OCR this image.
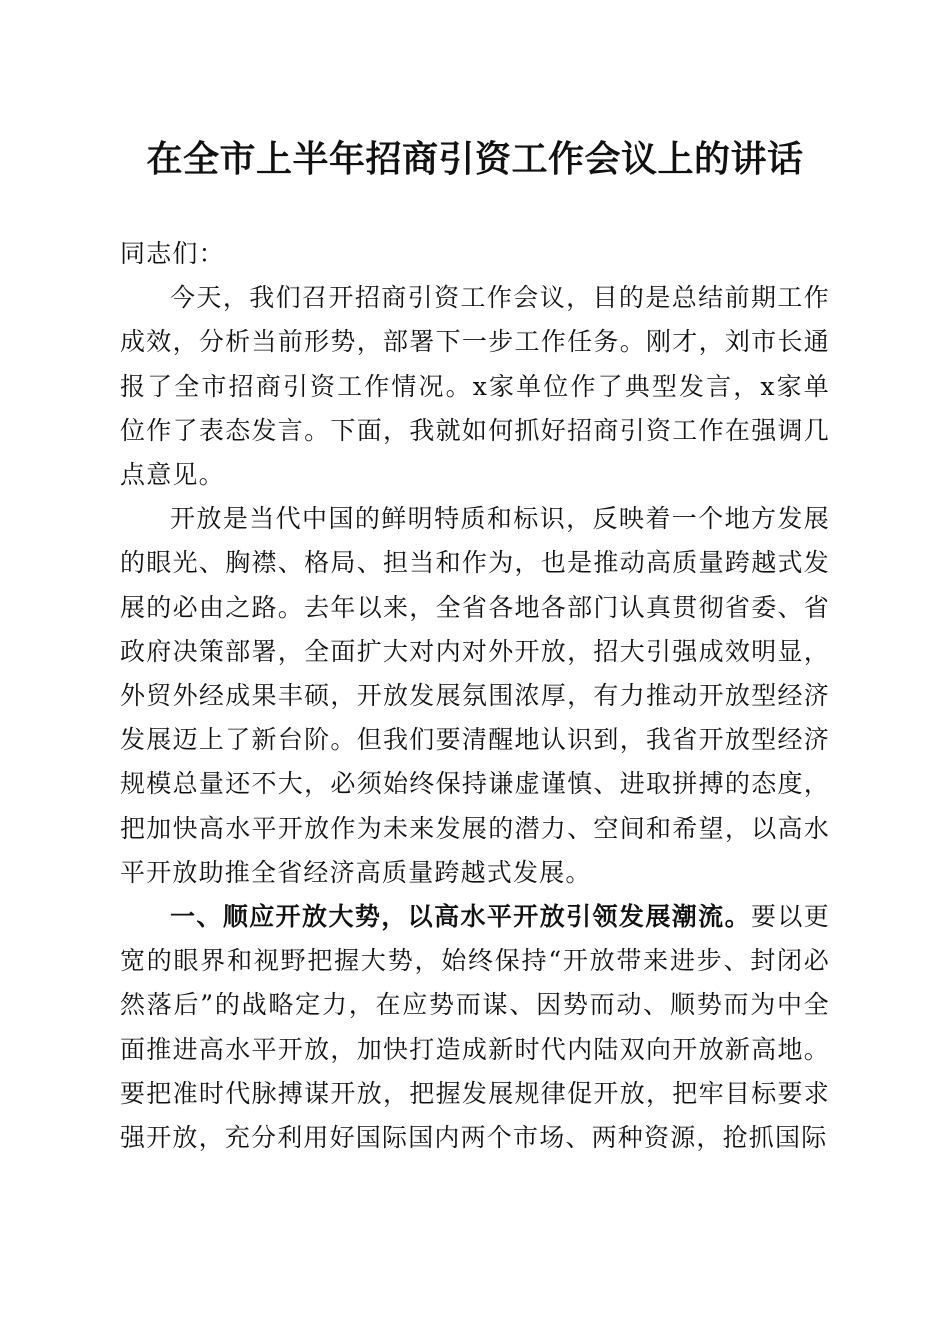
在全市上半年招商引资工作会议上的讲话

同志们：

今天，我们召开招商引资工作会议，目的是总结前期工作成效，分析当前形势，部署下一步工作任务。刚才，刘市长通报了全市招商引资工作情况。x家单位作了典型发言，x家单位作了表态发言。下面，我就如何抓好招商引资工作在强调几点意见。

开放是当代中国的鲜明特质和标识，反映着一个地方发展的眼光、胸襟、格局、担当和作为，也是推动高质量跨越式发展的必由之路。去年以来，全省各地各部门认真贯彻省委、省政府决策部署，全面扩大对内对外开放，招大引强成效明显，外贸外经成果丰硕，开放发展氛围浓厚，有力推动开放型经济发展迈上了新台阶。但我们要清醒地认识到，我省开放型经济规模总量还不大，必须始终保持谦虚谨慎、进取拼搏的态度，把加快高水平开放作为未来发展的潜力、空间和希望，以高水平开放助推全省经济高质量跨越式发展。

一、顺应开放大势，以高水平开放引领发展潮流。要以更宽的眼界和视野把握大势，始终保持“开放带来进步、封闭必然落后”的战略定力，在应势而谋、因势而动、顺势而为中全面推进高水平开放，加快打造成新时代内陆双向开放新高地。要把准时代脉搏谋开放，把握发展规律促开放，把牢目标要求强开放，充分利用好国际国内两个市场、两种资源，抢抓国际
